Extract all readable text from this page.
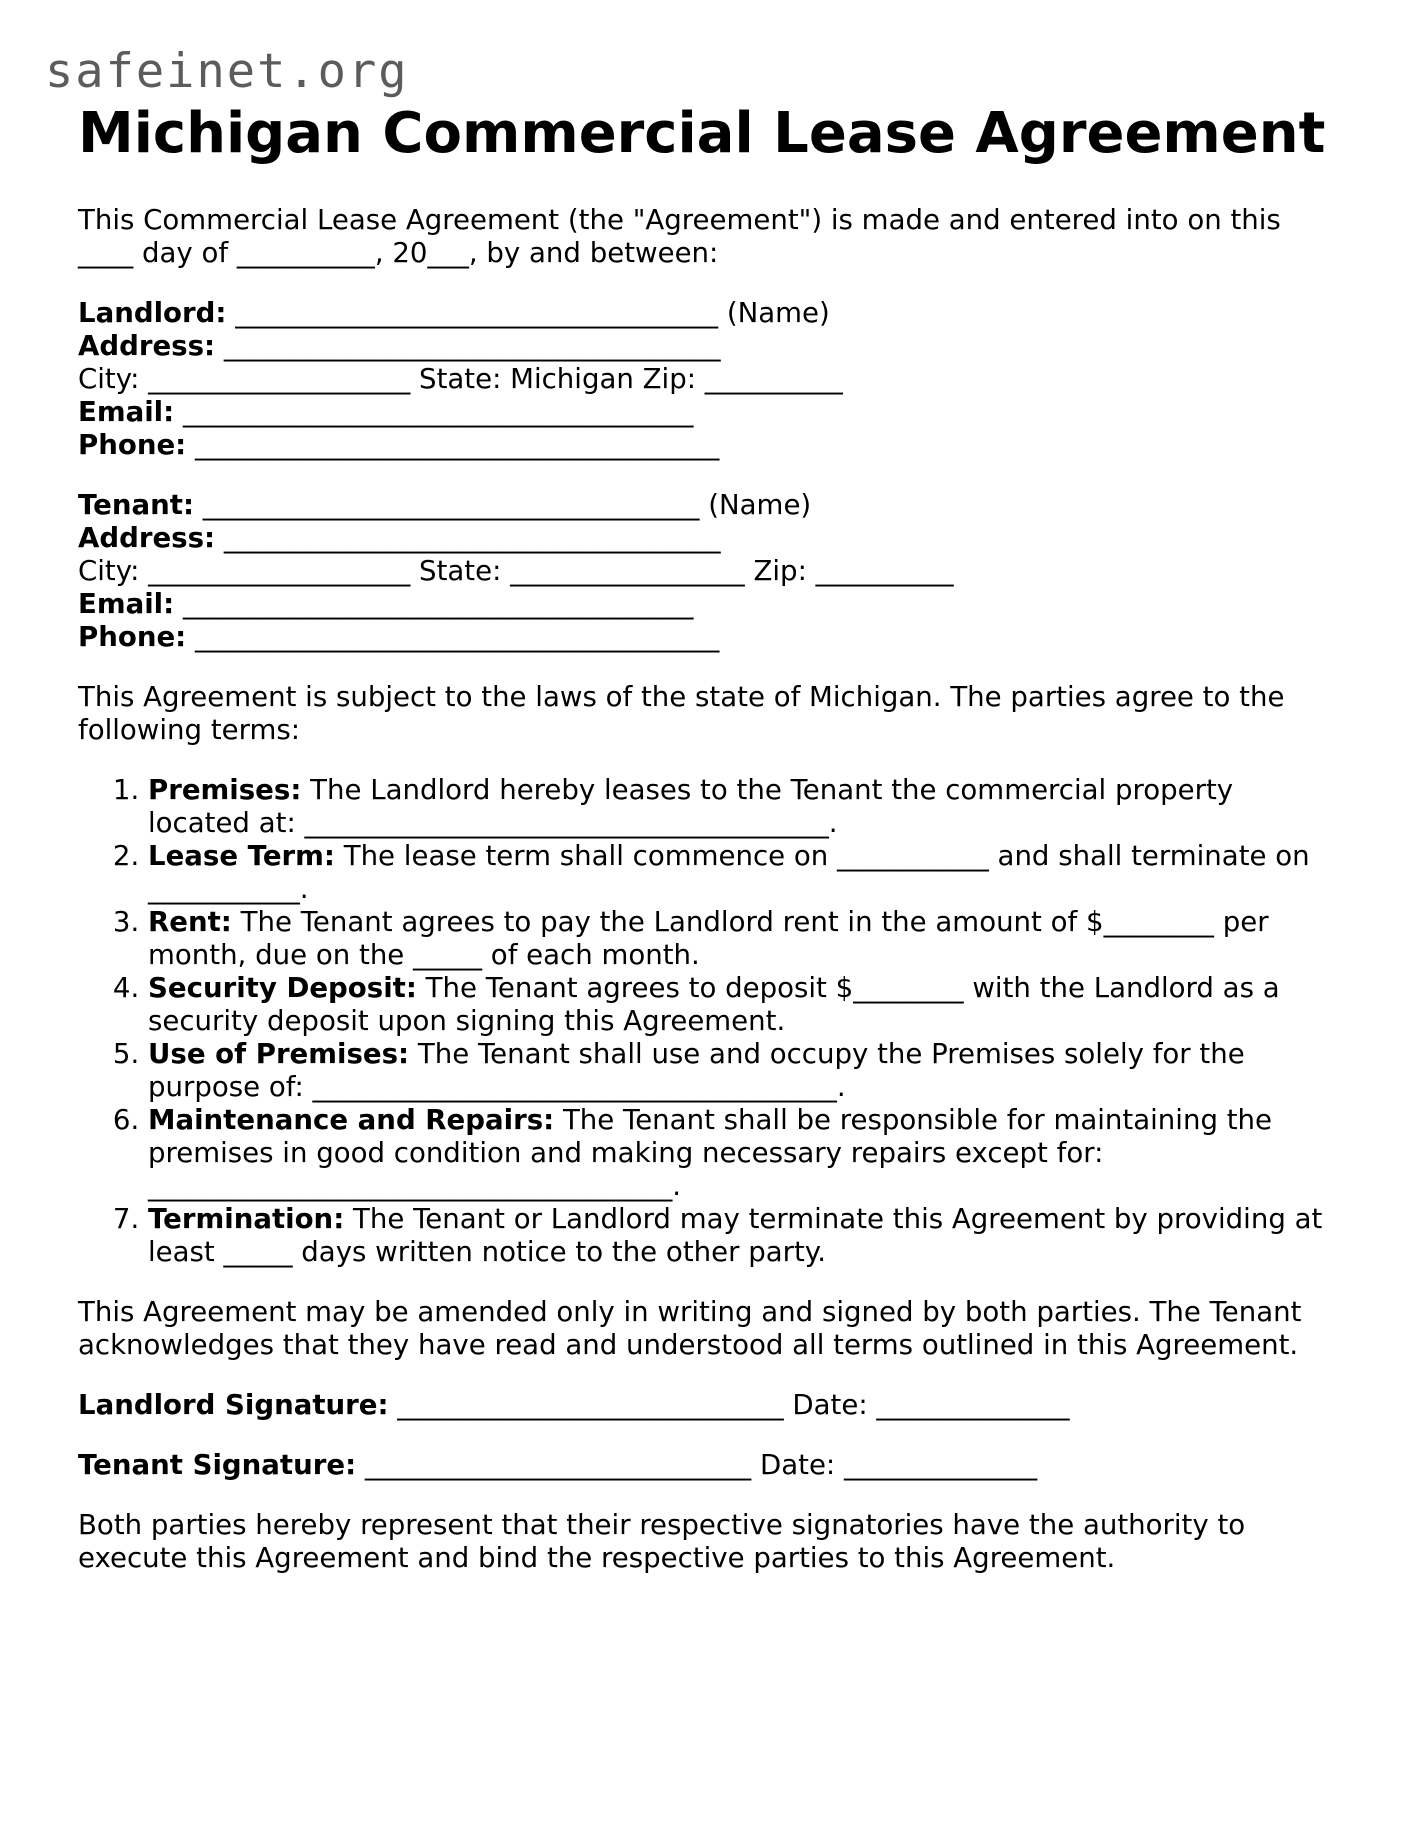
safeinet.org
Michigan Commercial Lease Agreement

This Commercial Lease Agreement (the "Agreement") is made and entered into on this
____ day of __________, 20___, by and between:

Landlord: ___________________________________ (Name)
Address: ____________________________________
City: ___________________ State: Michigan Zip: __________
Email: _____________________________________
Phone: ______________________________________
Tenant: ____________________________________ (Name)
Address: ____________________________________
City: ___________________ State: _________________ Zip: __________
Email: _____________________________________
Phone: ______________________________________

This Agreement is subject to the laws of the state of Michigan. The parties agree to the
following terms:

1. Premises: The Landlord hereby leases to the Tenant the commercial property
located at: ______________________________________.
2. Lease Term: The lease term shall commence on ___________ and shall terminate on
___________.
3. Rent: The Tenant agrees to pay the Landlord rent in the amount of $________ per
month, due on the _____ of each month.
4. Security Deposit: The Tenant agrees to deposit $________ with the Landlord as a
security deposit upon signing this Agreement.
5. Use of Premises: The Tenant shall use and occupy the Premises solely for the
purpose of: ______________________________________.
6. Maintenance and Repairs: The Tenant shall be responsible for maintaining the
premises in good condition and making necessary repairs except for:
______________________________________.
7. Termination: The Tenant or Landlord may terminate this Agreement by providing at
least _____ days written notice to the other party.

This Agreement may be amended only in writing and signed by both parties. The Tenant
acknowledges that they have read and understood all terms outlined in this Agreement.

Landlord Signature: ____________________________ Date: ______________

Tenant Signature: ____________________________ Date: ______________

Both parties hereby represent that their respective signatories have the authority to
execute this Agreement and bind the respective parties to this Agreement.
